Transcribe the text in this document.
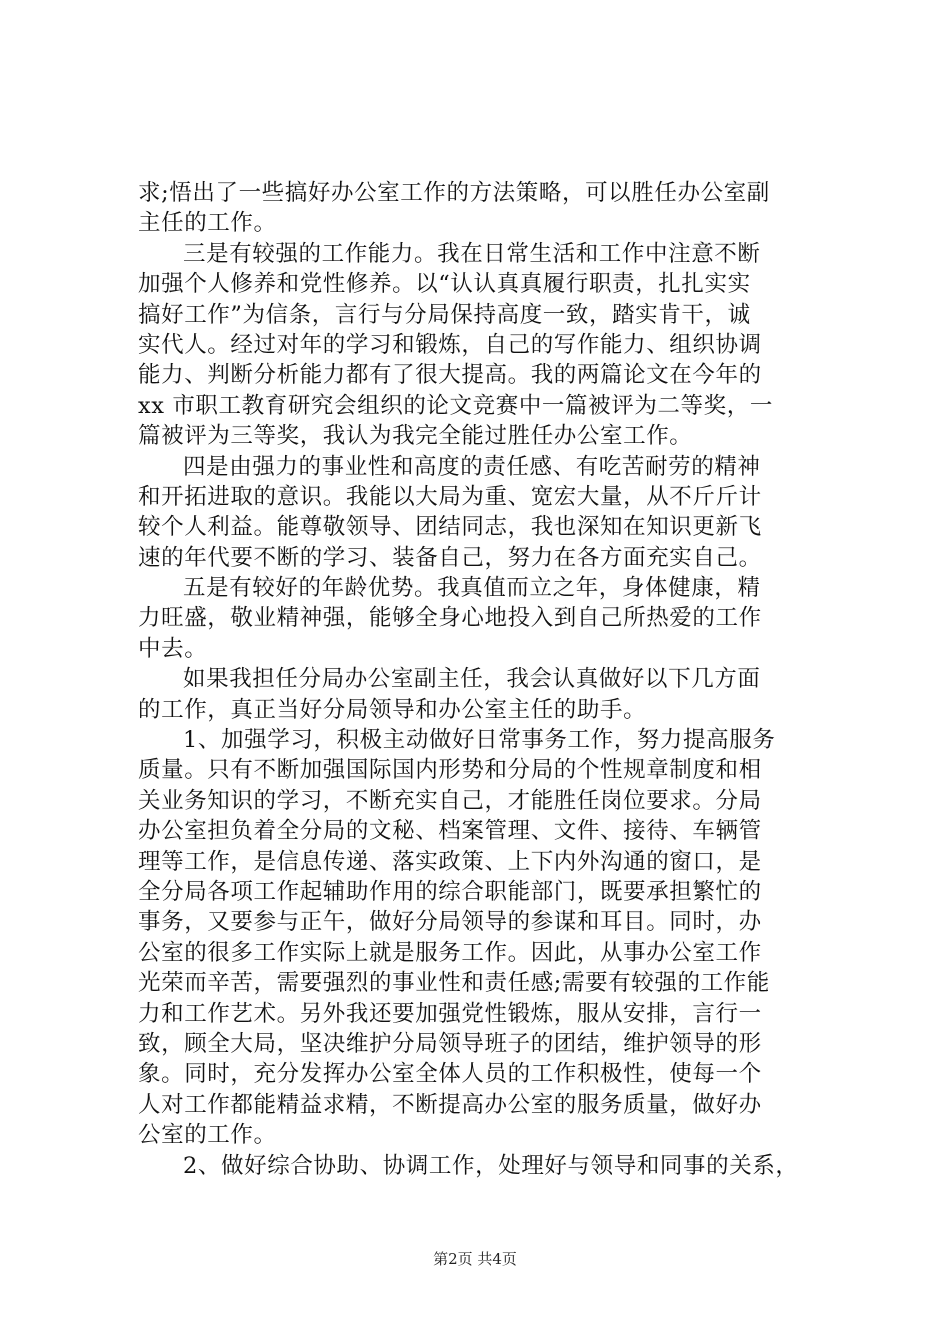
求;悟出了一些搞好办公室工作的方法策略，可以胜任办公室副
主任的工作。
三是有较强的工作能力。我在日常生活和工作中注意不断
加强个人修养和党性修养。以“认认真真履行职责，扎扎实实
搞好工作”为信条，言行与分局保持高度一致，踏实肯干，诚
实代人。经过对年的学习和锻炼，自己的写作能力、组织协调
能力、判断分析能力都有了很大提高。我的两篇论文在今年的
xx 市职工教育研究会组织的论文竞赛中一篇被评为二等奖，一
篇被评为三等奖，我认为我完全能过胜任办公室工作。
四是由强力的事业性和高度的责任感、有吃苦耐劳的精神
和开拓进取的意识。我能以大局为重、宽宏大量，从不斤斤计
较个人利益。能尊敬领导、团结同志，我也深知在知识更新飞
速的年代要不断的学习、装备自己，努力在各方面充实自己。
五是有较好的年龄优势。我真值而立之年，身体健康，精
力旺盛，敬业精神强，能够全身心地投入到自己所热爱的工作
中去。
如果我担任分局办公室副主任，我会认真做好以下几方面
的工作，真正当好分局领导和办公室主任的助手。
1、加强学习，积极主动做好日常事务工作，努力提高服务
质量。只有不断加强国际国内形势和分局的个性规章制度和相
关业务知识的学习，不断充实自己，才能胜任岗位要求。分局
办公室担负着全分局的文秘、档案管理、文件、接待、车辆管
理等工作，是信息传递、落实政策、上下内外沟通的窗口，是
全分局各项工作起辅助作用的综合职能部门，既要承担繁忙的
事务，又要参与正午，做好分局领导的参谋和耳目。同时，办
公室的很多工作实际上就是服务工作。因此，从事办公室工作
光荣而辛苦，需要强烈的事业性和责任感;需要有较强的工作能
力和工作艺术。另外我还要加强党性锻炼，服从安排，言行一
致，顾全大局，坚决维护分局领导班子的团结，维护领导的形
象。同时，充分发挥办公室全体人员的工作积极性，使每一个
人对工作都能精益求精，不断提高办公室的服务质量，做好办
公室的工作。
2、做好综合协助、协调工作，处理好与领导和同事的关系，
第2页 共4页
